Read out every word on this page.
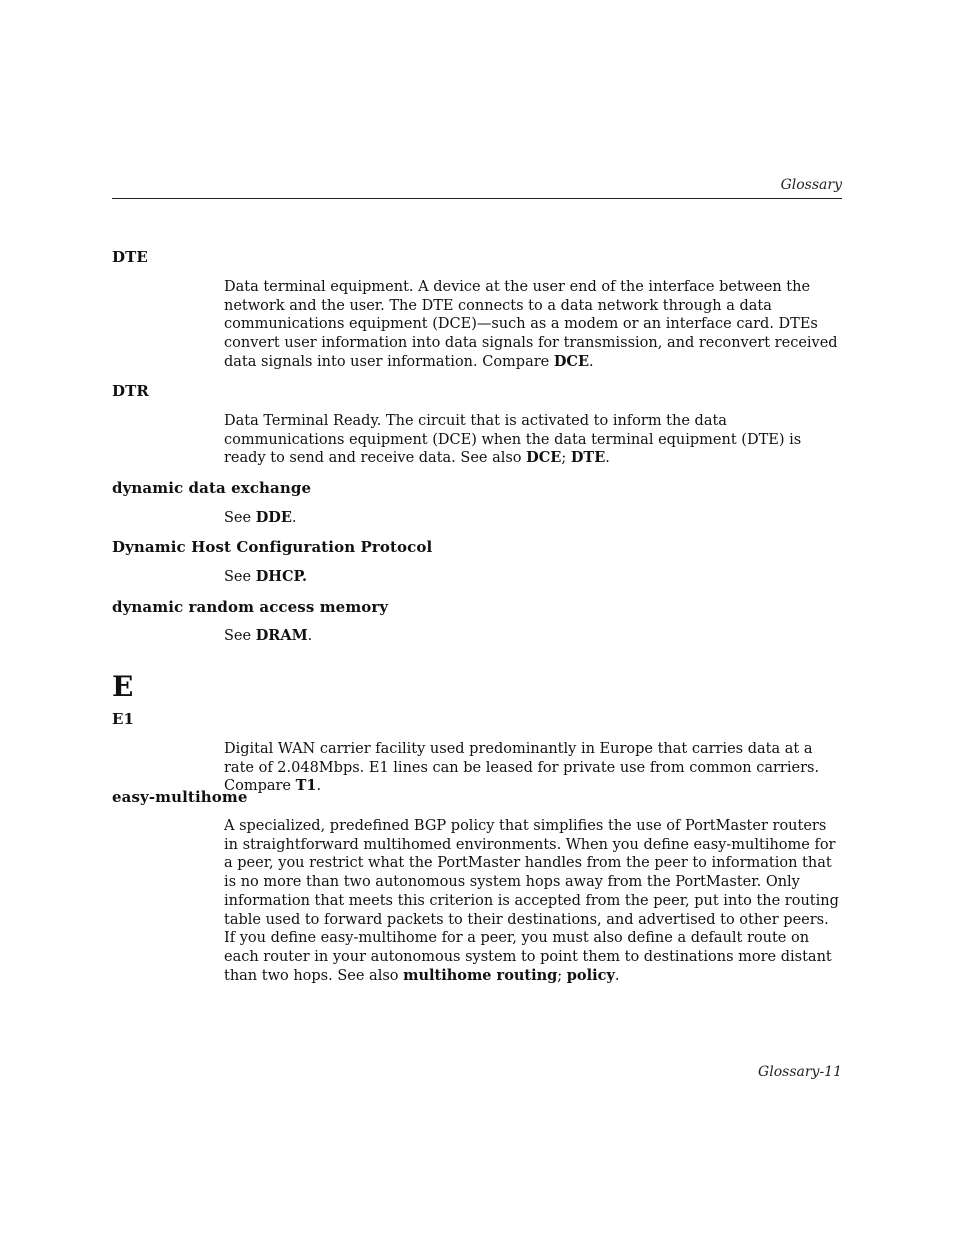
Glossary
DTE
Data terminal equipment. A device at the user end of the interface between the network and the user. The DTE connects to a data network through a data communications equipment (DCE)—such as a modem or an interface card. DTEs convert user information into data signals for transmission, and reconvert received data signals into user information. Compare DCE.
DTR
Data Terminal Ready. The circuit that is activated to inform the data communications equipment (DCE) when the data terminal equipment (DTE) is ready to send and receive data. See also DCE; DTE.
dynamic data exchange
See DDE.
Dynamic Host Configuration Protocol
See DHCP.
dynamic random access memory
See DRAM.
E
E1
Digital WAN carrier facility used predominantly in Europe that carries data at a rate of 2.048Mbps. E1 lines can be leased for private use from common carriers. Compare T1.
easy-multihome
A specialized, predefined BGP policy that simplifies the use of PortMaster routers in straightforward multihomed environments. When you define easy-multihome for a peer, you restrict what the PortMaster handles from the peer to information that is no more than two autonomous system hops away from the PortMaster. Only information that meets this criterion is accepted from the peer, put into the routing table used to forward packets to their destinations, and advertised to other peers. If you define easy-multihome for a peer, you must also define a default route on each router in your autonomous system to point them to destinations more distant than two hops. See also multihome routing; policy.
Glossary-11
